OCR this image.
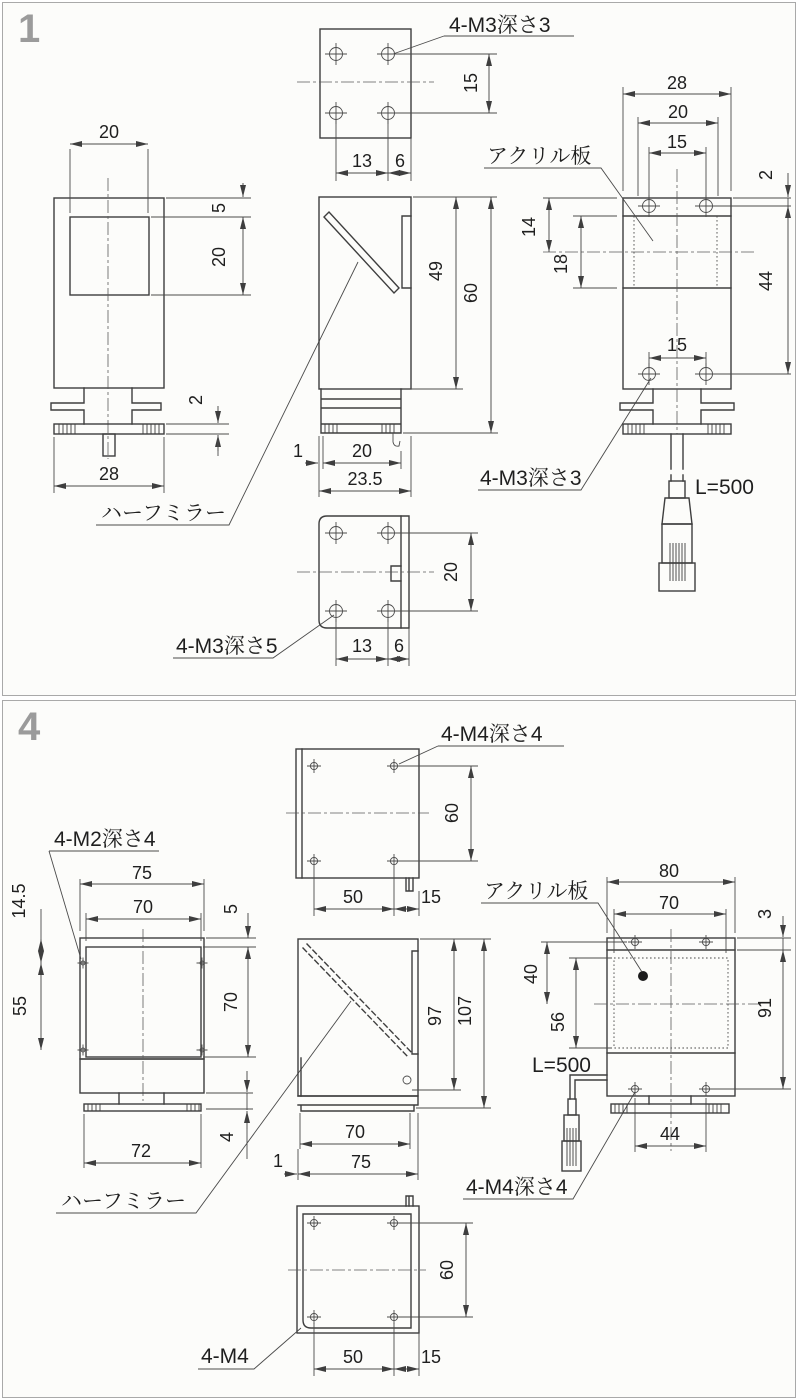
1
15
13 6
4-M3深さ3
20
5
20
2
28
ハーフミラー
49
60
1	20
23.5	4-M3深さ3
20
13 6
4-M3深さ5
28
20
15
15
2
44
14
18
L=500
アクリル板
4
60
50	15
4-M4深さ4
75
70
14.5	5
55	70
72
4
4-M2深さ4
ハーフミラー
70
75
1
97 107
4-M4深さ4
80
70
3
91
40
56
44
L=500
アクリル板
60
50	15
4-M4
